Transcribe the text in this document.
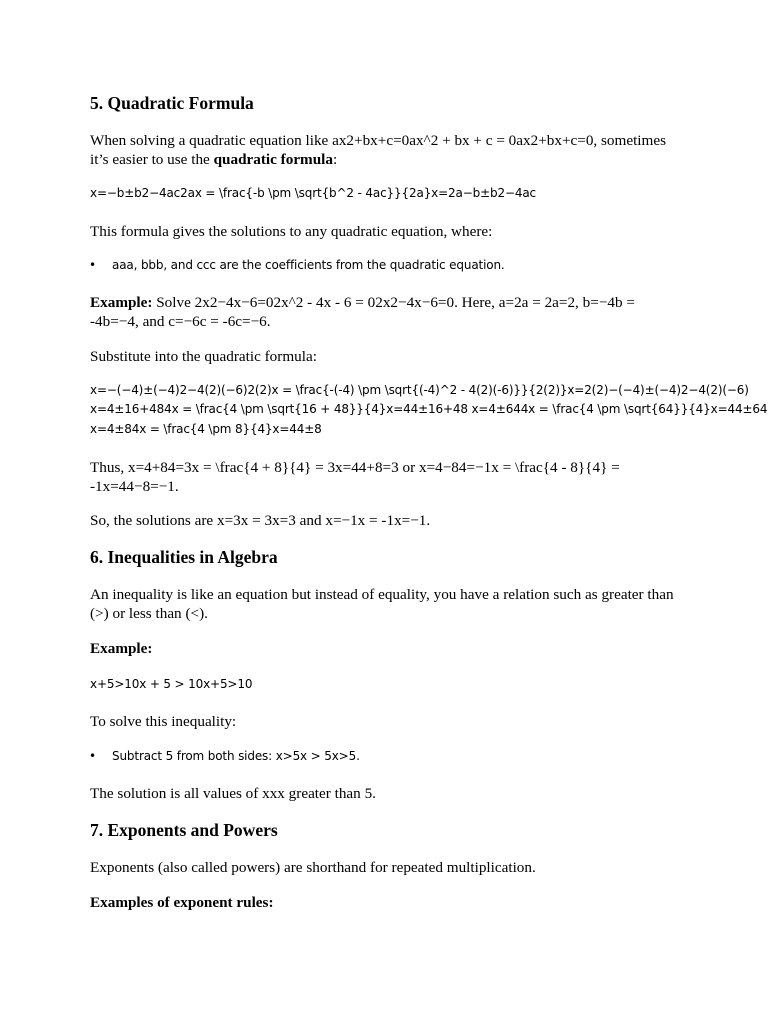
5. Quadratic Formula

When solving a quadratic equation like ax2+bx+c=0ax^2 + bx + c = 0ax2+bx+c=0, sometimes it’s easier to use the quadratic formula:

x=−b±b2−4ac2ax = \frac{-b \pm \sqrt{b^2 - 4ac}}{2a}x=2a−b±b2−4ac

This formula gives the solutions to any quadratic equation, where:

• aaa, bbb, and ccc are the coefficients from the quadratic equation.

Example: Solve 2x2−4x−6=02x^2 - 4x - 6 = 02x2−4x−6=0. Here, a=2a = 2a=2, b=−4b = -4b=−4, and c=−6c = -6c=−6.

Substitute into the quadratic formula:

x=−(−4)±(−4)2−4(2)(−6)2(2)x = \frac{-(-4) \pm \sqrt{(-4)^2 - 4(2)(-6)}}{2(2)}x=2(2)−(−4)±(−4)2−4(2)(−6)

x=4±16+484x = \frac{4 \pm \sqrt{16 + 48}}{4}x=44±16+48 x=4±644x = \frac{4 \pm \sqrt{64}}{4}x=44±64

x=4±84x = \frac{4 \pm 8}{4}x=44±8

Thus, x=4+84=3x = \frac{4 + 8}{4} = 3x=44+8=3 or x=4−84=−1x = \frac{4 - 8}{4} = -1x=44−8=−1.

So, the solutions are x=3x = 3x=3 and x=−1x = -1x=−1.

6. Inequalities in Algebra

An inequality is like an equation but instead of equality, you have a relation such as greater than (>) or less than (<).

Example:

x+5>10x + 5 > 10x+5>10

To solve this inequality:

• Subtract 5 from both sides: x>5x > 5x>5.

The solution is all values of xxx greater than 5.

7. Exponents and Powers

Exponents (also called powers) are shorthand for repeated multiplication.

Examples of exponent rules:
